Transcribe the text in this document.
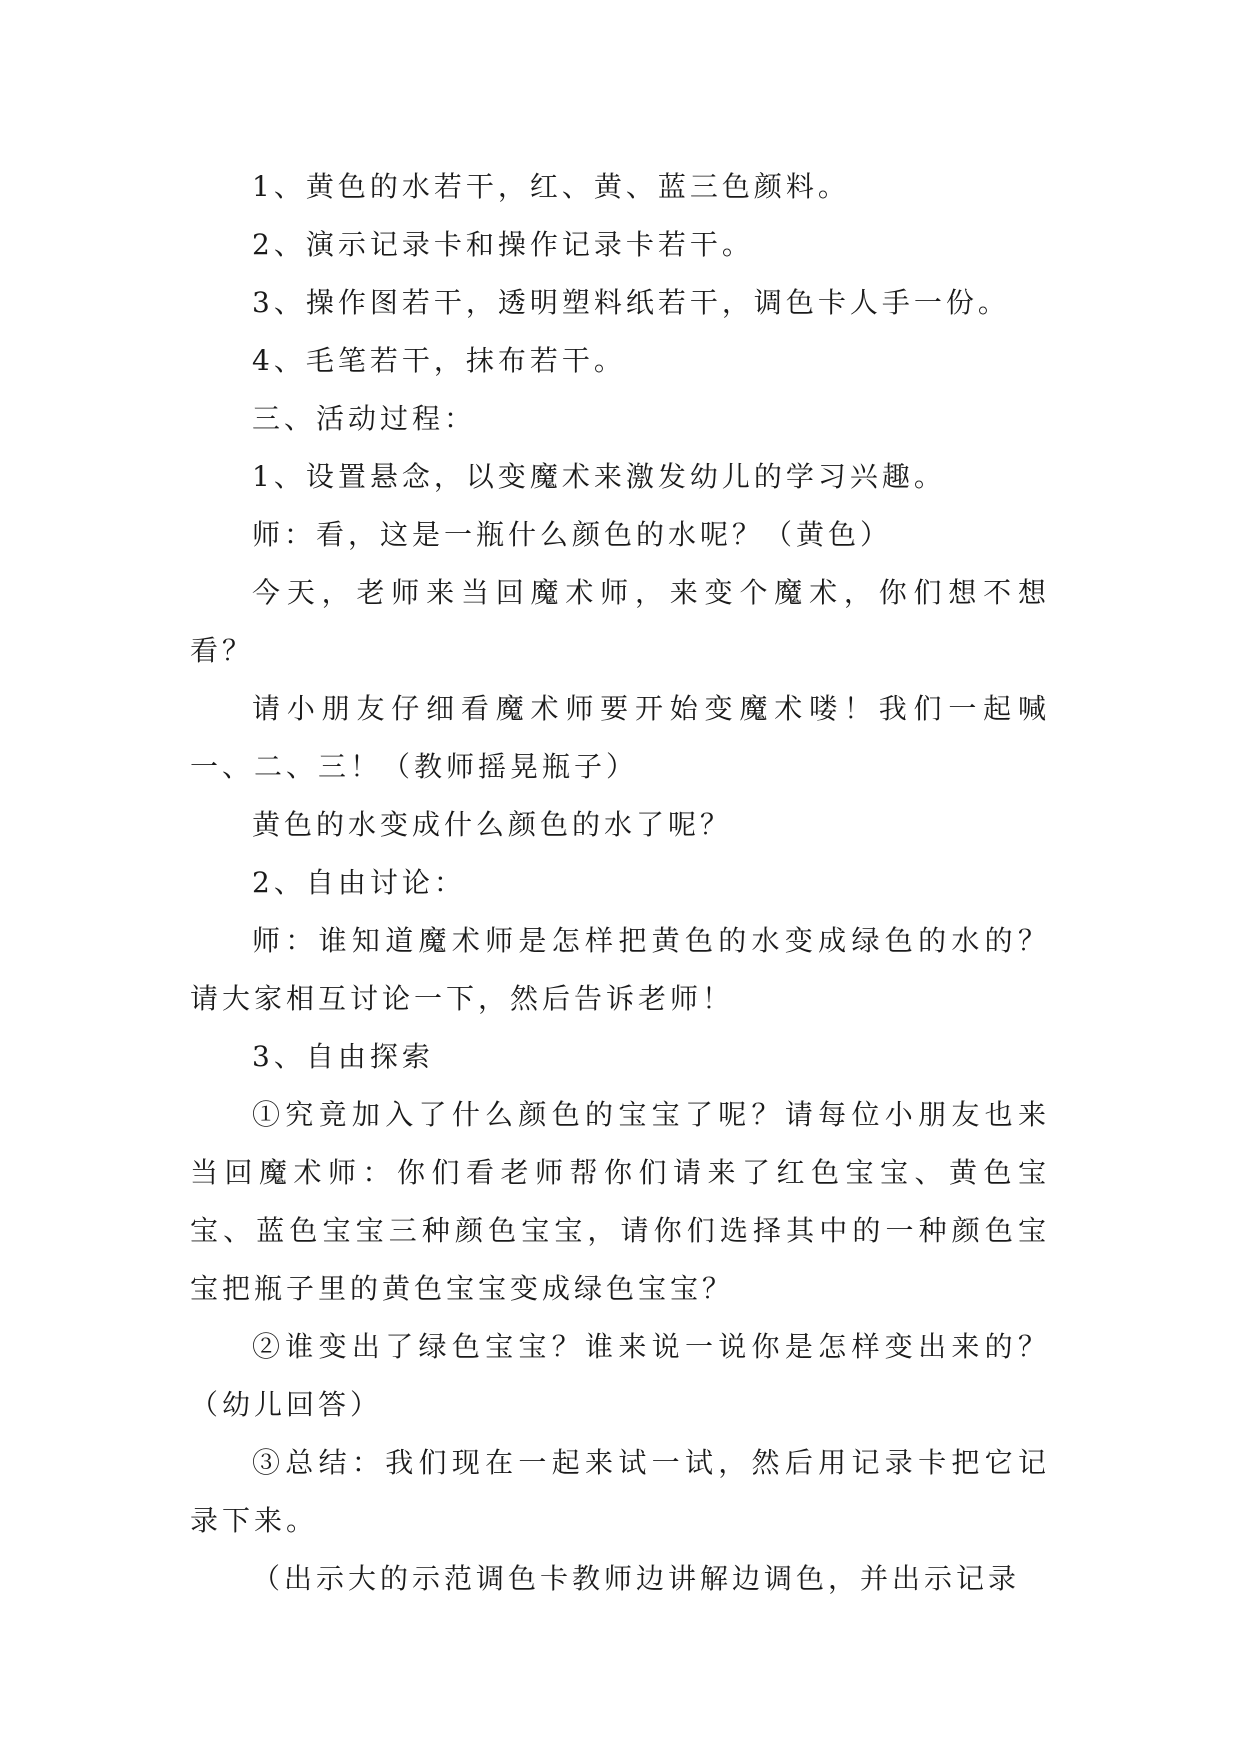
1、黄色的水若干，红、黄、蓝三色颜料。

2、演示记录卡和操作记录卡若干。

3、操作图若干，透明塑料纸若干，调色卡人手一份。

4、毛笔若干，抹布若干。

三、活动过程：

1、设置悬念，以变魔术来激发幼儿的学习兴趣。

师：看，这是一瓶什么颜色的水呢？（黄色）

今天，老师来当回魔术师，来变个魔术，你们想不想看？

请小朋友仔细看魔术师要开始变魔术喽！我们一起喊一、二、三！（教师摇晃瓶子）

黄色的水变成什么颜色的水了呢？

2、自由讨论：

师：谁知道魔术师是怎样把黄色的水变成绿色的水的？请大家相互讨论一下，然后告诉老师！

3、自由探索

①究竟加入了什么颜色的宝宝了呢？请每位小朋友也来当回魔术师：你们看老师帮你们请来了红色宝宝、黄色宝宝、蓝色宝宝三种颜色宝宝，请你们选择其中的一种颜色宝宝把瓶子里的黄色宝宝变成绿色宝宝？

②谁变出了绿色宝宝？谁来说一说你是怎样变出来的？（幼儿回答）

③总结：我们现在一起来试一试，然后用记录卡把它记录下来。

（出示大的示范调色卡教师边讲解边调色，并出示记录
